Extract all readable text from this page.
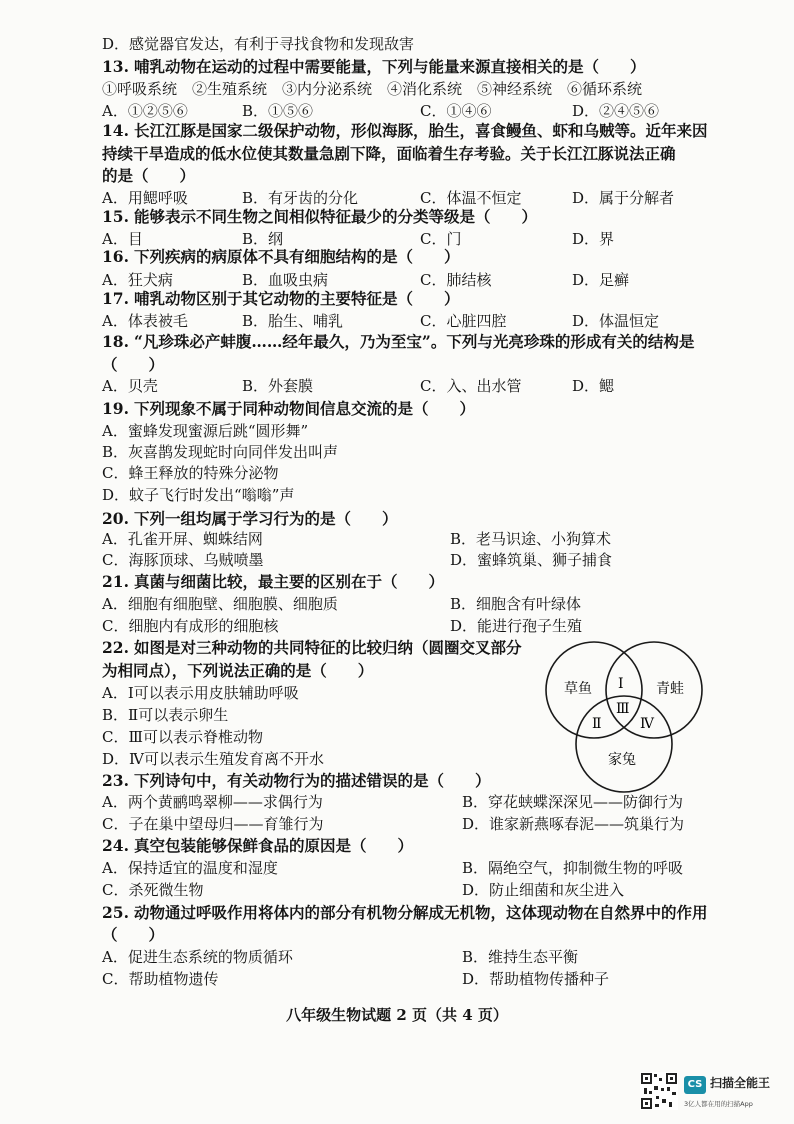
D．感觉器官发达，有利于寻找食物和发现敌害
13. 哺乳动物在运动的过程中需要能量，下列与能量来源直接相关的是（　　）
①呼吸系统　②生殖系统　③内分泌系统　④消化系统　⑤神经系统　⑥循环系统
A．①②⑤⑥	B．①⑤⑥	C．①④⑥	D．②④⑤⑥
14. 长江江豚是国家二级保护动物，形似海豚，胎生，喜食鳗鱼、虾和乌贼等。近年来因
持续干旱造成的低水位使其数量急剧下降，面临着生存考验。关于长江江豚说法正确
的是（　　）
A．用鳃呼吸	B．有牙齿的分化	C．体温不恒定	D．属于分解者
15. 能够表示不同生物之间相似特征最少的分类等级是（　　）
A．目	B．纲	C．门	D．界
16. 下列疾病的病原体不具有细胞结构的是（　　）
A．狂犬病	B．血吸虫病	C．肺结核	D．足癣
17. 哺乳动物区别于其它动物的主要特征是（　　）
A．体表被毛	B．胎生、哺乳	C．心脏四腔	D．体温恒定
18. “凡珍珠必产蚌腹……经年最久，乃为至宝”。下列与光亮珍珠的形成有关的结构是
（　　）
A．贝壳	B．外套膜	C．入、出水管	D．鳃
19. 下列现象不属于同种动物间信息交流的是（　　）
A．蜜蜂发现蜜源后跳“圆形舞”
B．灰喜鹊发现蛇时向同伴发出叫声
C．蜂王释放的特殊分泌物
D．蚊子飞行时发出“嗡嗡”声
20. 下列一组均属于学习行为的是（　　）
A．孔雀开屏、蜘蛛结网	B．老马识途、小狗算术
C．海豚顶球、乌贼喷墨	D．蜜蜂筑巢、狮子捕食
21. 真菌与细菌比较，最主要的区别在于（　　）
A．细胞有细胞壁、细胞膜、细胞质	B．细胞含有叶绿体
C．细胞内有成形的细胞核	D．能进行孢子生殖
22. 如图是对三种动物的共同特征的比较归纳（圆圈交叉部分
为相同点），下列说法正确的是（　　）
A．Ⅰ可以表示用皮肤辅助呼吸
B．Ⅱ可以表示卵生
C．Ⅲ可以表示脊椎动物
D．Ⅳ可以表示生殖发育离不开水
草鱼	青蛙
家兔
Ⅰ
Ⅱ
Ⅲ
Ⅳ
23. 下列诗句中，有关动物行为的描述错误的是（　　）
A．两个黄鹂鸣翠柳——求偶行为	B．穿花蛱蝶深深见——防御行为
C．子在巢中望母归——育雏行为	D．谁家新燕啄春泥——筑巢行为
24. 真空包装能够保鲜食品的原因是（　　）
A．保持适宜的温度和湿度	B．隔绝空气，抑制微生物的呼吸
C．杀死微生物	D．防止细菌和灰尘进入
25. 动物通过呼吸作用将体内的部分有机物分解成无机物，这体现动物在自然界中的作用
（　　）
A．促进生态系统的物质循环	B．维持生态平衡
C．帮助植物遗传	D．帮助植物传播种子
八年级生物试题 2 页（共 4 页）
CS 扫描全能王
3亿人都在用的扫描App
